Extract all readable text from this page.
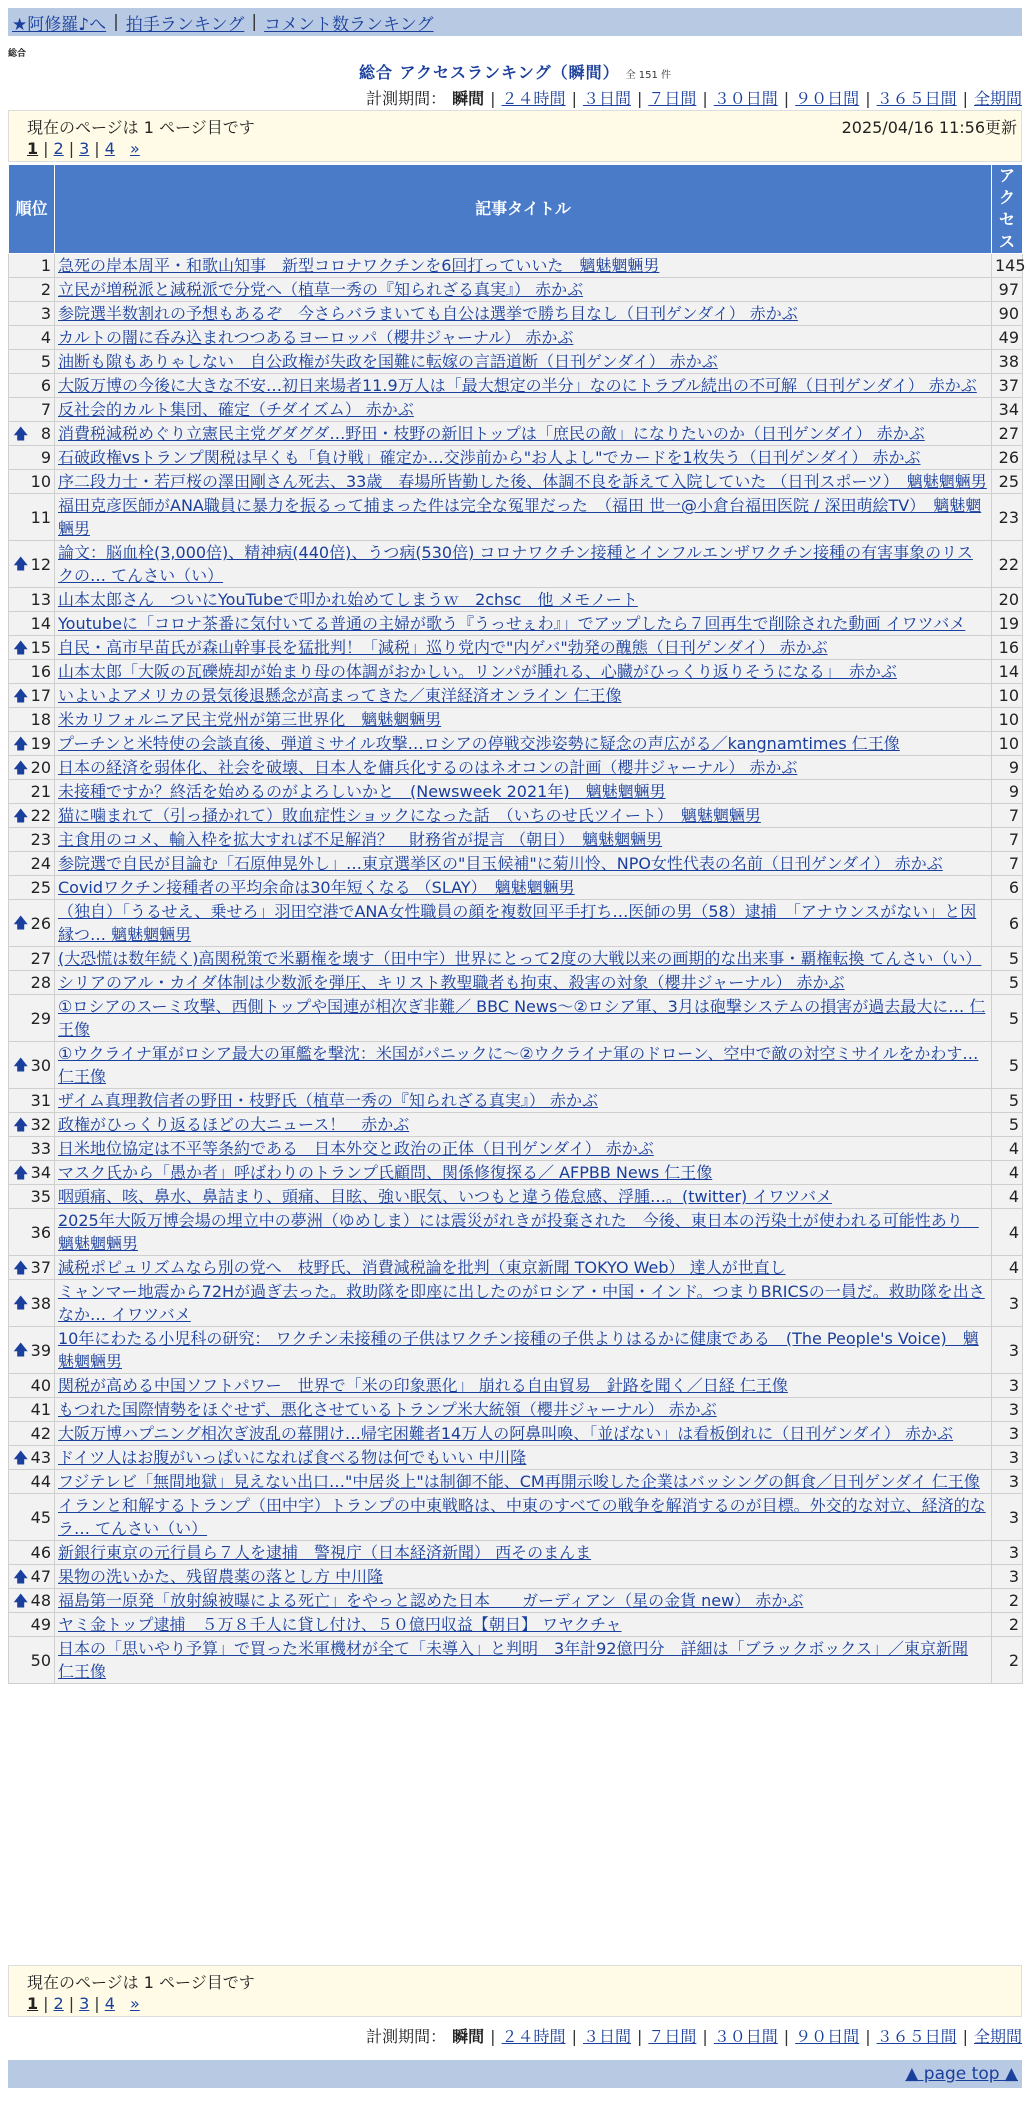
★阿修羅♪へ | 拍手ランキング | コメント数ランキング
総合
総合 アクセスランキング（瞬間） 全 151 件
計測期間： 瞬間 | ２４時間 | ３日間 | ７日間 | ３０日間 | ９０日間 | ３６５日間 | 全期間
現在のページは 1 ページ目です	2025/04/16 11:56更新
1 | 2 | 3 | 4 »
順位	記事タイトル	アクセス
1	急死の岸本周平・和歌山知事　新型コロナワクチンを6回打っていいた　魑魅魍魎男	145
2	立民が増税派と減税派で分党へ（植草一秀の『知られざる真実』） 赤かぶ	97
3	参院選半数割れの予想もあるぞ　今さらバラまいても自公は選挙で勝ち目なし（日刊ゲンダイ） 赤かぶ	90
4	カルトの闇に呑み込まれつつあるヨーロッパ（櫻井ジャーナル） 赤かぶ	49
5	油断も隙もありゃしない　自公政権が失政を国難に転嫁の言語道断（日刊ゲンダイ） 赤かぶ	38
6	大阪万博の今後に大きな不安…初日来場者11.9万人は「最大想定の半分」なのにトラブル続出の不可解（日刊ゲンダイ） 赤かぶ	37
7	反社会的カルト集団、確定（チダイズム） 赤かぶ	34

🡅 8	消費税減税めぐり立憲民主党グダグダ…野田・枝野の新旧トップは「庶民の敵」になりたいのか（日刊ゲンダイ） 赤かぶ	27
9	石破政権vsトランプ関税は早くも「負け戦」確定か…交渉前から"お人よし"でカードを1枚失う（日刊ゲンダイ） 赤かぶ	26
10	序二段力士・若戸桜の澤田剛さん死去、33歳　春場所皆勤した後、体調不良を訴えて入院していた （日刊スポーツ）　魑魅魍魎男	25
11	福田克彦医師がANA職員に暴力を振るって捕まった件は完全な冤罪だった　（福田 世一@小倉台福田医院 / 深田萌絵TV）　魑魅魍魎男	23

🡅 12	論文：脳血栓(3,000倍)、精神病(440倍)、うつ病(530倍) コロナワクチン接種とインフルエンザワクチン接種の有害事象のリスクの… てんさい（い）	22
13	山本太郎さん　ついにYouTubeで叩かれ始めてしまうｗ　2chsc　他 メモノート	20
14	Youtubeに「コロナ茶番に気付いてる普通の主婦が歌う『うっせぇわ』」でアップしたら７回再生で削除された動画 イワツバメ	19

🡅 15	自民・高市早苗氏が森山幹事長を猛批判！「減税」巡り党内で"内ゲバ"勃発の醜態（日刊ゲンダイ） 赤かぶ	16
16	山本太郎「大阪の瓦礫焼却が始まり母の体調がおかしい。リンパが腫れる、心臓がひっくり返りそうになる」　赤かぶ	14

🡅 17	いよいよアメリカの景気後退懸念が高まってきた／東洋経済オンライン 仁王像	10
18	米カリフォルニア民主党州が第三世界化　魑魅魍魎男	10

🡅 19	プーチンと米特使の会談直後、弾道ミサイル攻撃…ロシアの停戦交渉姿勢に疑念の声広がる／kangnamtimes 仁王像	10

🡅 20	日本の経済を弱体化、社会を破壊、日本人を傭兵化するのはネオコンの計画（櫻井ジャーナル） 赤かぶ	9
21	未接種ですか？終活を始めるのがよろしいかと　(Newsweek 2021年)　魑魅魍魎男	9

🡅 22	猫に噛まれて（引っ掻かれて）敗血症性ショックになった話　（いちのせ氏ツイート）　魑魅魍魎男	7
23	主食用のコメ、輸入枠を拡大すれば不足解消？　財務省が提言 （朝日）　魑魅魍魎男	7
24	参院選で自民が目論む「石原伸晃外し」…東京選挙区の"目玉候補"に菊川怜、NPO女性代表の名前（日刊ゲンダイ） 赤かぶ	7
25	Covidワクチン接種者の平均余命は30年短くなる （SLAY）　魑魅魍魎男	6

🡅 26	（独自）「うるせえ、乗せろ」羽田空港でANA女性職員の顔を複数回平手打ち…医師の男（58）逮捕　「アナウンスがない」と因縁つ… 魑魅魍魎男	6
27	(大恐慌は数年続く)高関税策で米覇権を壊す（田中宇）世界にとって2度の大戦以来の画期的な出来事・覇権転換 てんさい（い）	5
28	シリアのアル・カイダ体制は少数派を弾圧、キリスト教聖職者も拘束、殺害の対象（櫻井ジャーナル） 赤かぶ	5
29	①ロシアのスーミ攻撃、西側トップや国連が相次ぎ非難／ BBC News～②ロシア軍、3月は砲撃システムの損害が過去最大に… 仁王像	5

🡅 30	①ウクライナ軍がロシア最大の軍艦を撃沈：米国がパニックに～②ウクライナ軍のドローン、空中で敵の対空ミサイルをかわす… 仁王像	5
31	ザイム真理教信者の野田・枝野氏（植草一秀の『知られざる真実』） 赤かぶ	5

🡅 32	政権がひっくり返るほどの大ニュース！　赤かぶ	5
33	日米地位協定は不平等条約である　日本外交と政治の正体（日刊ゲンダイ） 赤かぶ	4

🡅 34	マスク氏から「愚か者」呼ばわりのトランプ氏顧問、関係修復探る／ AFPBB News 仁王像	4
35	咽頭痛、咳、鼻水、鼻詰まり、頭痛、目眩、強い眠気、いつもと違う倦怠感、浮腫…。(twitter) イワツバメ	4
36	2025年大阪万博会場の埋立中の夢洲（ゆめしま）には震災がれきが投棄された　今後、東日本の汚染土が使われる可能性あり　魑魅魍魎男	4

🡅 37	減税ポピュリズムなら別の党へ　枝野氏、消費減税論を批判（東京新聞 TOKYO Web） 達人が世直し	4

🡅 38	ミャンマー地震から72Hが過ぎ去った。救助隊を即座に出したのがロシア・中国・インド。つまりBRICSの一員だ。救助隊を出さなか… イワツバメ	3

🡅 39	10年にわたる小児科の研究： ワクチン未接種の子供はワクチン接種の子供よりはるかに健康である　(The People's Voice)　魑魅魍魎男	3
40	関税が高める中国ソフトパワー　世界で「米の印象悪化」 崩れる自由貿易　針路を聞く／日経 仁王像	3
41	もつれた国際情勢をほぐせず、悪化させているトランプ米大統領（櫻井ジャーナル） 赤かぶ	3
42	大阪万博ハプニング相次ぎ波乱の幕開け…帰宅困難者14万人の阿鼻叫喚、「並ばない」は看板倒れに（日刊ゲンダイ） 赤かぶ	3

🡅 43	ドイツ人はお腹がいっぱいになれば食べる物は何でもいい 中川隆	3
44	フジテレビ「無間地獄」見えない出口…"中居炎上"は制御不能、CM再開示唆した企業はバッシングの餌食／日刊ゲンダイ 仁王像	3
45	イランと和解するトランプ（田中宇）トランプの中東戦略は、中東のすべての戦争を解消するのが目標。外交的な対立、経済的なラ… てんさい（い）	3
46	新銀行東京の元行員ら７人を逮捕　警視庁（日本経済新聞） 西そのまんま	3

🡅 47	果物の洗いかた、残留農薬の落とし方 中川隆	3

🡅 48	福島第一原発「放射線被曝による死亡」をやっと認めた日本　　ガーディアン（星の金貨 new） 赤かぶ	2
49	ヤミ金トップ逮捕　５万８千人に貸し付け、５０億円収益【朝日】 ワヤクチャ	2
50	日本の「思いやり予算」で買った米軍機材が全て「未導入」と判明　3年計92億円分　詳細は「ブラックボックス」／東京新聞 仁王像	2
現在のページは 1 ページ目です
1 | 2 | 3 | 4 »
計測期間： 瞬間 | ２４時間 | ３日間 | ７日間 | ３０日間 | ９０日間 | ３６５日間 | 全期間
▲ page top ▲
